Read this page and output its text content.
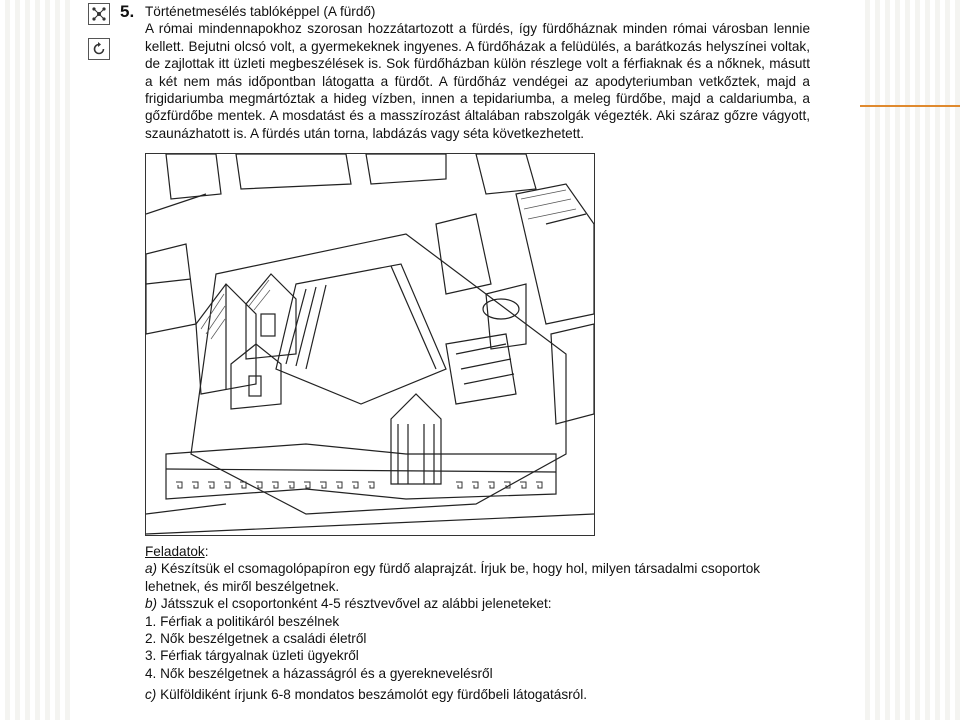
5. Történetmesélés tablóképpel (A fürdő)

A római mindennapokhoz szorosan hozzátartozott a fürdés, így fürdőháznak minden római városban lennie kellett. Bejutni olcsó volt, a gyermekeknek ingyenes. A fürdőházak a felüdülés, a barátkozás helyszínei voltak, de zajlottak itt üzleti megbeszélések is. Sok fürdőházban külön részlege volt a férfiaknak és a nőknek, másutt a két nem más időpontban látogatta a fürdőt. A fürdőház vendégei az apodyteriumban vetkőztek, majd a frigidariumba megmártóztak a hideg vízben, innen a tepidariumba, a meleg fürdőbe, majd a caldariumba, a gőzfürdőbe mentek. A mosdatást és a masszírozást általában rabszolgák végezték. Aki száraz gőzre vágyott, szaunázhatott is. A fürdés után torna, labdázás vagy séta következhetett.

Feladatok:
a) Készítsük el csomagolópapíron egy fürdő alaprajzát. Írjuk be, hogy hol, milyen társadalmi csoportok
lehetnek, és miről beszélgetnek.
b) Játsszuk el csoportonként 4-5 résztvevővel az alábbi jeleneteket:
1. Férfiak a politikáról beszélnek
2. Nők beszélgetnek a családi életről
3. Férfiak tárgyalnak üzleti ügyekről
4. Nők beszélgetnek a házasságról és a gyereknevelésről
c) Külföldiként írjunk 6-8 mondatos beszámolót egy fürdőbeli látogatásról.
